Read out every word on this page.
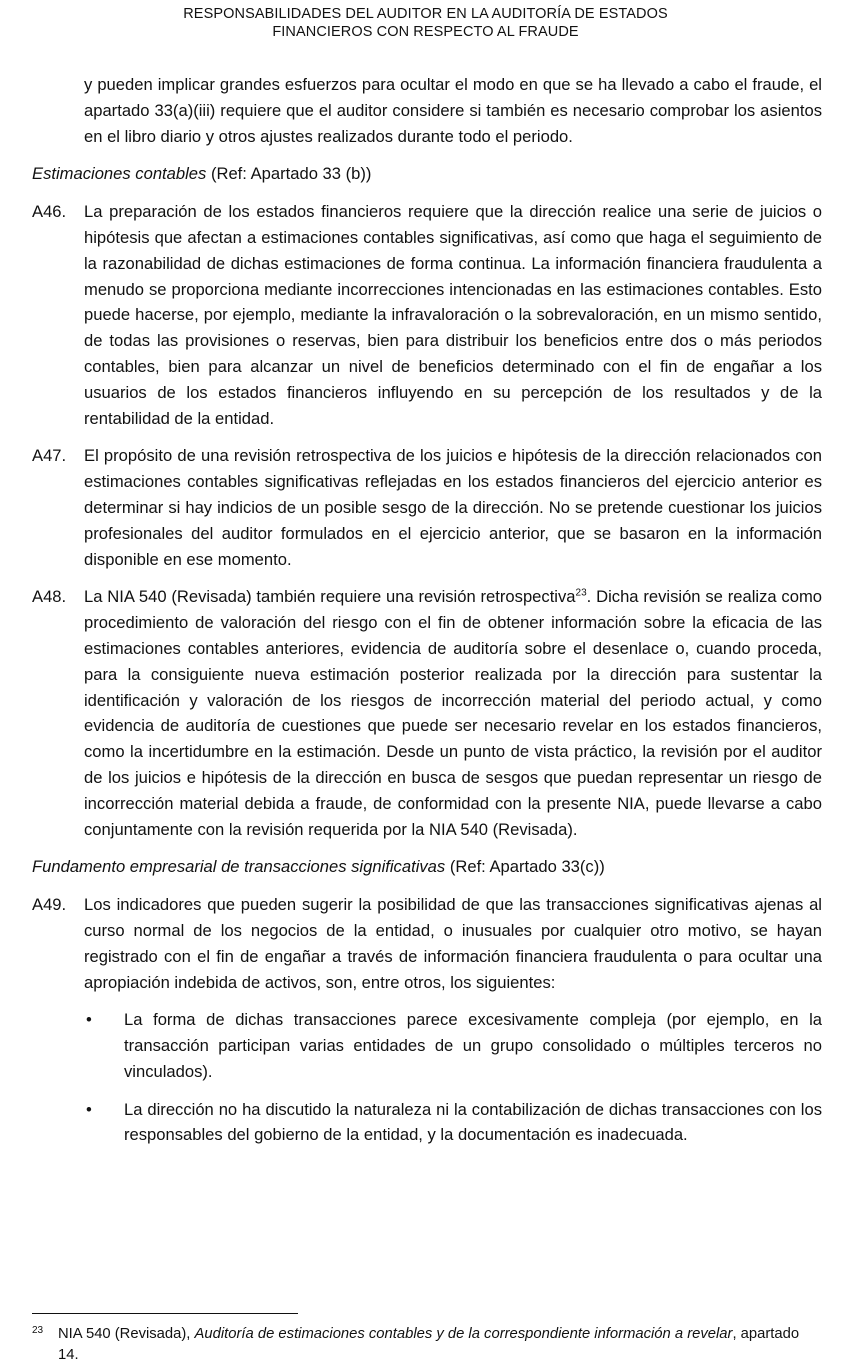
RESPONSABILIDADES DEL AUDITOR EN LA AUDITORÍA DE ESTADOS
FINANCIEROS CON RESPECTO AL FRAUDE

y pueden implicar grandes esfuerzos para ocultar el modo en que se ha llevado a cabo el fraude, el apartado 33(a)(iii) requiere que el auditor considere si también es necesario comprobar los asientos en el libro diario y otros ajustes realizados durante todo el periodo.

Estimaciones contables (Ref: Apartado 33 (b))

A46.	La preparación de los estados financieros requiere que la dirección realice una serie de juicios o hipótesis que afectan a estimaciones contables significativas, así como que haga el seguimiento de la razonabilidad de dichas estimaciones de forma continua. La información financiera fraudulenta a menudo se proporciona mediante incorrecciones intencionadas en las estimaciones contables. Esto puede hacerse, por ejemplo, mediante la infravaloración o la sobrevaloración, en un mismo sentido, de todas las provisiones o reservas, bien para distribuir los beneficios entre dos o más periodos contables, bien para alcanzar un nivel de beneficios determinado con el fin de engañar a los usuarios de los estados financieros influyendo en su percepción de los resultados y de la rentabilidad de la entidad.
A47.	El propósito de una revisión retrospectiva de los juicios e hipótesis de la dirección relacionados con estimaciones contables significativas reflejadas en los estados financieros del ejercicio anterior es determinar si hay indicios de un posible sesgo de la dirección. No se pretende cuestionar los juicios profesionales del auditor formulados en el ejercicio anterior, que se basaron en la información disponible en ese momento.
A48.	La NIA 540 (Revisada) también requiere una revisión retrospectiva$^{23}$. Dicha revisión se realiza como procedimiento de valoración del riesgo con el fin de obtener información sobre la eficacia de las estimaciones contables anteriores, evidencia de auditoría sobre el desenlace o, cuando proceda, para la consiguiente nueva estimación posterior realizada por la dirección para sustentar la identificación y valoración de los riesgos de incorrección material del periodo actual, y como evidencia de auditoría de cuestiones que puede ser necesario revelar en los estados financieros, como la incertidumbre en la estimación. Desde un punto de vista práctico, la revisión por el auditor de los juicios e hipótesis de la dirección en busca de sesgos que puedan representar un riesgo de incorrección material debida a fraude, de conformidad con la presente NIA, puede llevarse a cabo conjuntamente con la revisión requerida por la NIA 540 (Revisada).

Fundamento empresarial de transacciones significativas (Ref: Apartado 33(c))

A49.	Los indicadores que pueden sugerir la posibilidad de que las transacciones significativas ajenas al curso normal de los negocios de la entidad, o inusuales por cualquier otro motivo, se hayan registrado con el fin de engañar a través de información financiera fraudulenta o para ocultar una apropiación indebida de activos, son, entre otros, los siguientes:
•	La forma de dichas transacciones parece excesivamente compleja (por ejemplo, en la transacción participan varias entidades de un grupo consolidado o múltiples terceros no vinculados).
•	La dirección no ha discutido la naturaleza ni la contabilización de dichas transacciones con los responsables del gobierno de la entidad, y la documentación es inadecuada.
23	NIA 540 (Revisada), Auditoría de estimaciones contables y de la correspondiente información a revelar, apartado 14.
